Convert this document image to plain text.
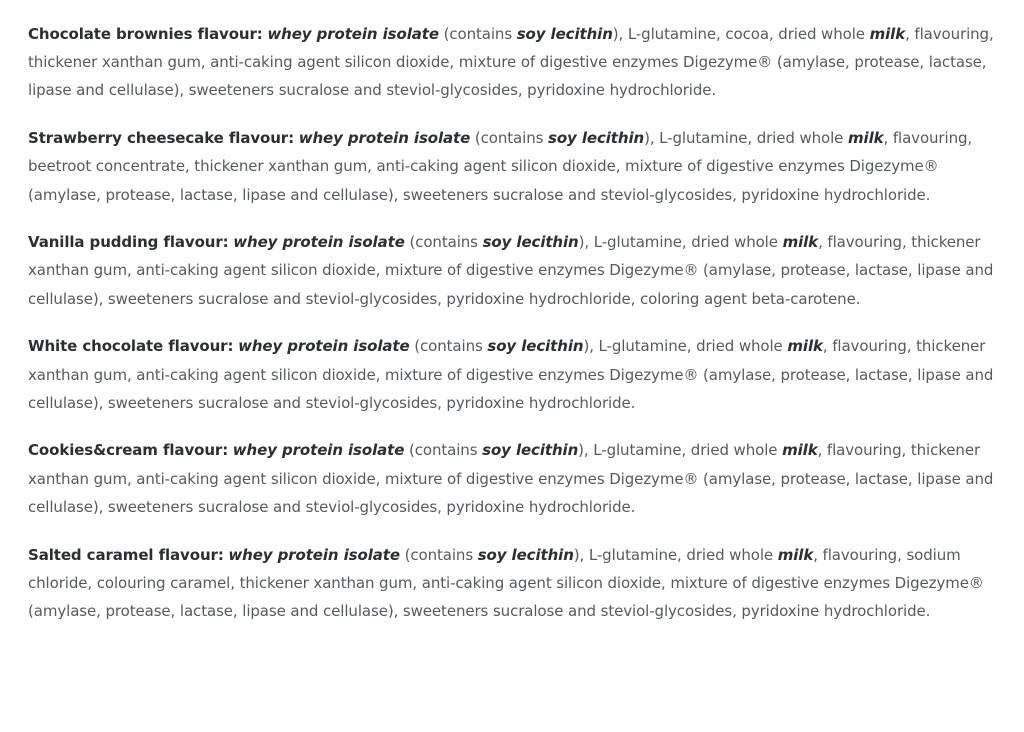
Chocolate brownies flavour: whey protein isolate (contains soy lecithin), L-glutamine, cocoa, dried whole milk, flavouring, thickener xanthan gum, anti-caking agent silicon dioxide, mixture of digestive enzymes Digezyme® (amylase, protease, lactase, lipase and cellulase), sweeteners sucralose and steviol-glycosides, pyridoxine hydrochloride.

Strawberry cheesecake flavour: whey protein isolate (contains soy lecithin), L-glutamine, dried whole milk, flavouring, beetroot concentrate, thickener xanthan gum, anti-caking agent silicon dioxide, mixture of digestive enzymes Digezyme® (amylase, protease, lactase, lipase and cellulase), sweeteners sucralose and steviol-glycosides, pyridoxine hydrochloride.

Vanilla pudding flavour: whey protein isolate (contains soy lecithin), L-glutamine, dried whole milk, flavouring, thickener xanthan gum, anti-caking agent silicon dioxide, mixture of digestive enzymes Digezyme® (amylase, protease, lactase, lipase and cellulase), sweeteners sucralose and steviol-glycosides, pyridoxine hydrochloride, coloring agent beta-carotene.

White chocolate flavour: whey protein isolate (contains soy lecithin), L-glutamine, dried whole milk, flavouring, thickener xanthan gum, anti-caking agent silicon dioxide, mixture of digestive enzymes Digezyme® (amylase, protease, lactase, lipase and cellulase), sweeteners sucralose and steviol-glycosides, pyridoxine hydrochloride.

Cookies&cream flavour: whey protein isolate (contains soy lecithin), L-glutamine, dried whole milk, flavouring, thickener xanthan gum, anti-caking agent silicon dioxide, mixture of digestive enzymes Digezyme® (amylase, protease, lactase, lipase and cellulase), sweeteners sucralose and steviol-glycosides, pyridoxine hydrochloride.

Salted caramel flavour: whey protein isolate (contains soy lecithin), L-glutamine, dried whole milk, flavouring, sodium chloride, colouring caramel, thickener xanthan gum, anti-caking agent silicon dioxide, mixture of digestive enzymes Digezyme® (amylase, protease, lactase, lipase and cellulase), sweeteners sucralose and steviol-glycosides, pyridoxine hydrochloride.
